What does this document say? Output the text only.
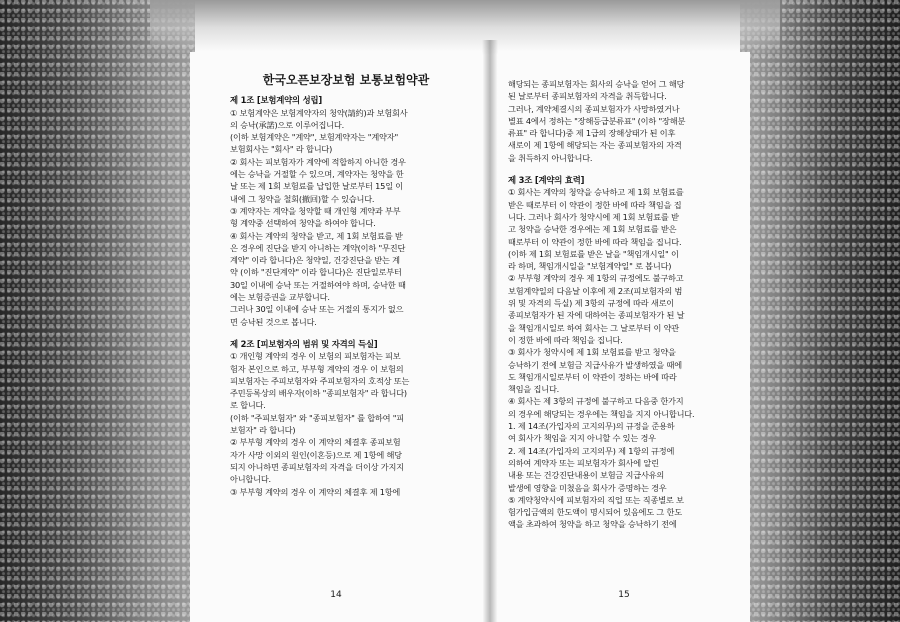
한국오픈보장보험 보통보험약관
제 1조 [보험계약의 성립]
① 보험계약은 보험계약자의 청약(請約)과 보험회사
의 승낙(承諾)으로 이루어집니다.
(이하 보험계약은 "계약", 보험계약자는 "계약자"
보험회사는 "회사" 라 합니다)
② 회사는 피보험자가 계약에 적합하지 아니한 경우
에는 승낙을 거절할 수 있으며, 계약자는 청약을 한
날 또는 제 1회 보험료를 납입한 날로부터 15일 이
내에 그 청약을 철회(撤回)할 수 있습니다.
③ 계약자는 계약을 청약할 때 개인형 계약과 부부
형 계약중 선택하여 청약을 하여야 합니다.
④ 회사는 계약의 청약을 받고, 제 1회 보험료를 받
은 경우에 진단을 받지 아니하는 계약(이하 "무진단
계약" 이라 합니다)은 청약일, 건강진단을 받는 계
약 (이하 "진단계약" 이라 합니다)은 진단일로부터
30일 이내에 승낙 또는 거절하여야 하며, 승낙한 때
에는 보험증권을 교부합니다.
그러나 30일 이내에 승낙 또는 거절의 통지가 없으
면 승낙된 것으로 봅니다.
제 2조 [피보험자의 범위 및 자격의 득실]
① 개인형 계약의 경우 이 보험의 피보험자는 피보
험자 본인으로 하고, 부부형 계약의 경우 이 보험의
피보험자는 주피보험자와 주피보험자의 호적상 또는
주민등록상의 배우자(이하 "종피보험자" 라 합니다)
로 합니다.
(이하 "주피보험자" 와 "종피보험자" 를 합하여 "피
보험자" 라 합니다)
② 부부형 계약의 경우 이 계약의 체결후 종피보험
자가 사망 이외의 원인(이혼등)으로 제 1항에 해당
되지 아니하면 종피보험자의 자격을 더이상 가지지
아니합니다.
③ 부부형 계약의 경우 이 계약의 체결후 제 1항에
14
해당되는 종피보험자는 회사의 승낙을 얻어 그 해당
된 날로부터 종피보험자의 자격을 취득합니다.
그러나, 계약체결시의 종피보험자가 사망하였거나
별표 4에서 정하는 "장해등급분류표" (이하 "장해분
류표" 라 합니다)중 제 1급의 장해상태가 된 이후
새로이 제 1항에 해당되는 자는 종피보험자의 자격
을 취득하지 아니합니다.
제 3조 [계약의 효력]
① 회사는 계약의 청약을 승낙하고 제 1회 보험료를
받은 때로부터 이 약관이 정한 바에 따라 책임을 집
니다. 그러나 회사가 청약시에 제 1회 보험료를 받
고 청약을 승낙한 경우에는 제 1회 보험료를 받은
때로부터 이 약관이 정한 바에 따라 책임을 집니다.
(이하 제 1회 보험료를 받은 날을 "책임개시일" 이
라 하며, 책임개시일을 "보험계약일" 로 봅니다)
② 부부형 계약의 경우 제 1항의 규정에도 불구하고
보험계약일의 다음날 이후에 제 2조(피보험자의 범
위 및 자격의 득실) 제 3항의 규정에 따라 새로이
종피보험자가 된 자에 대하여는 종피보험자가 된 날
을 책임개시일로 하여 회사는 그 날로부터 이 약관
이 정한 바에 따라 책임을 집니다.
③ 회사가 청약시에 제 1회 보험료를 받고 청약을
승낙하기 전에 보험금 지급사유가 발생하였을 때에
도 책임개시일로부터 이 약관이 정하는 바에 따라
책임을 집니다.
④ 회사는 제 3항의 규정에 불구하고 다음중 한가지
의 경우에 해당되는 경우에는 책임을 지지 아니합니다.
1. 제 14조(가입자의 고지의무)의 규정을 준용하
여 회사가 책임을 지지 아니할 수 있는 경우
2. 제 14조(가입자의 고지의무) 제 1항의 규정에
의하여 계약자 또는 피보험자가 회사에 알린
내용 또는 건강진단내용이 보험금 지급사유의
발생에 영향을 미쳤음을 회사가 증명하는 경우
⑤ 계약청약시에 피보험자의 직업 또는 직종별로 보
험가입금액의 한도액이 명시되어 있음에도 그 한도
액을 초과하여 청약을 하고 청약을 승낙하기 전에
15
